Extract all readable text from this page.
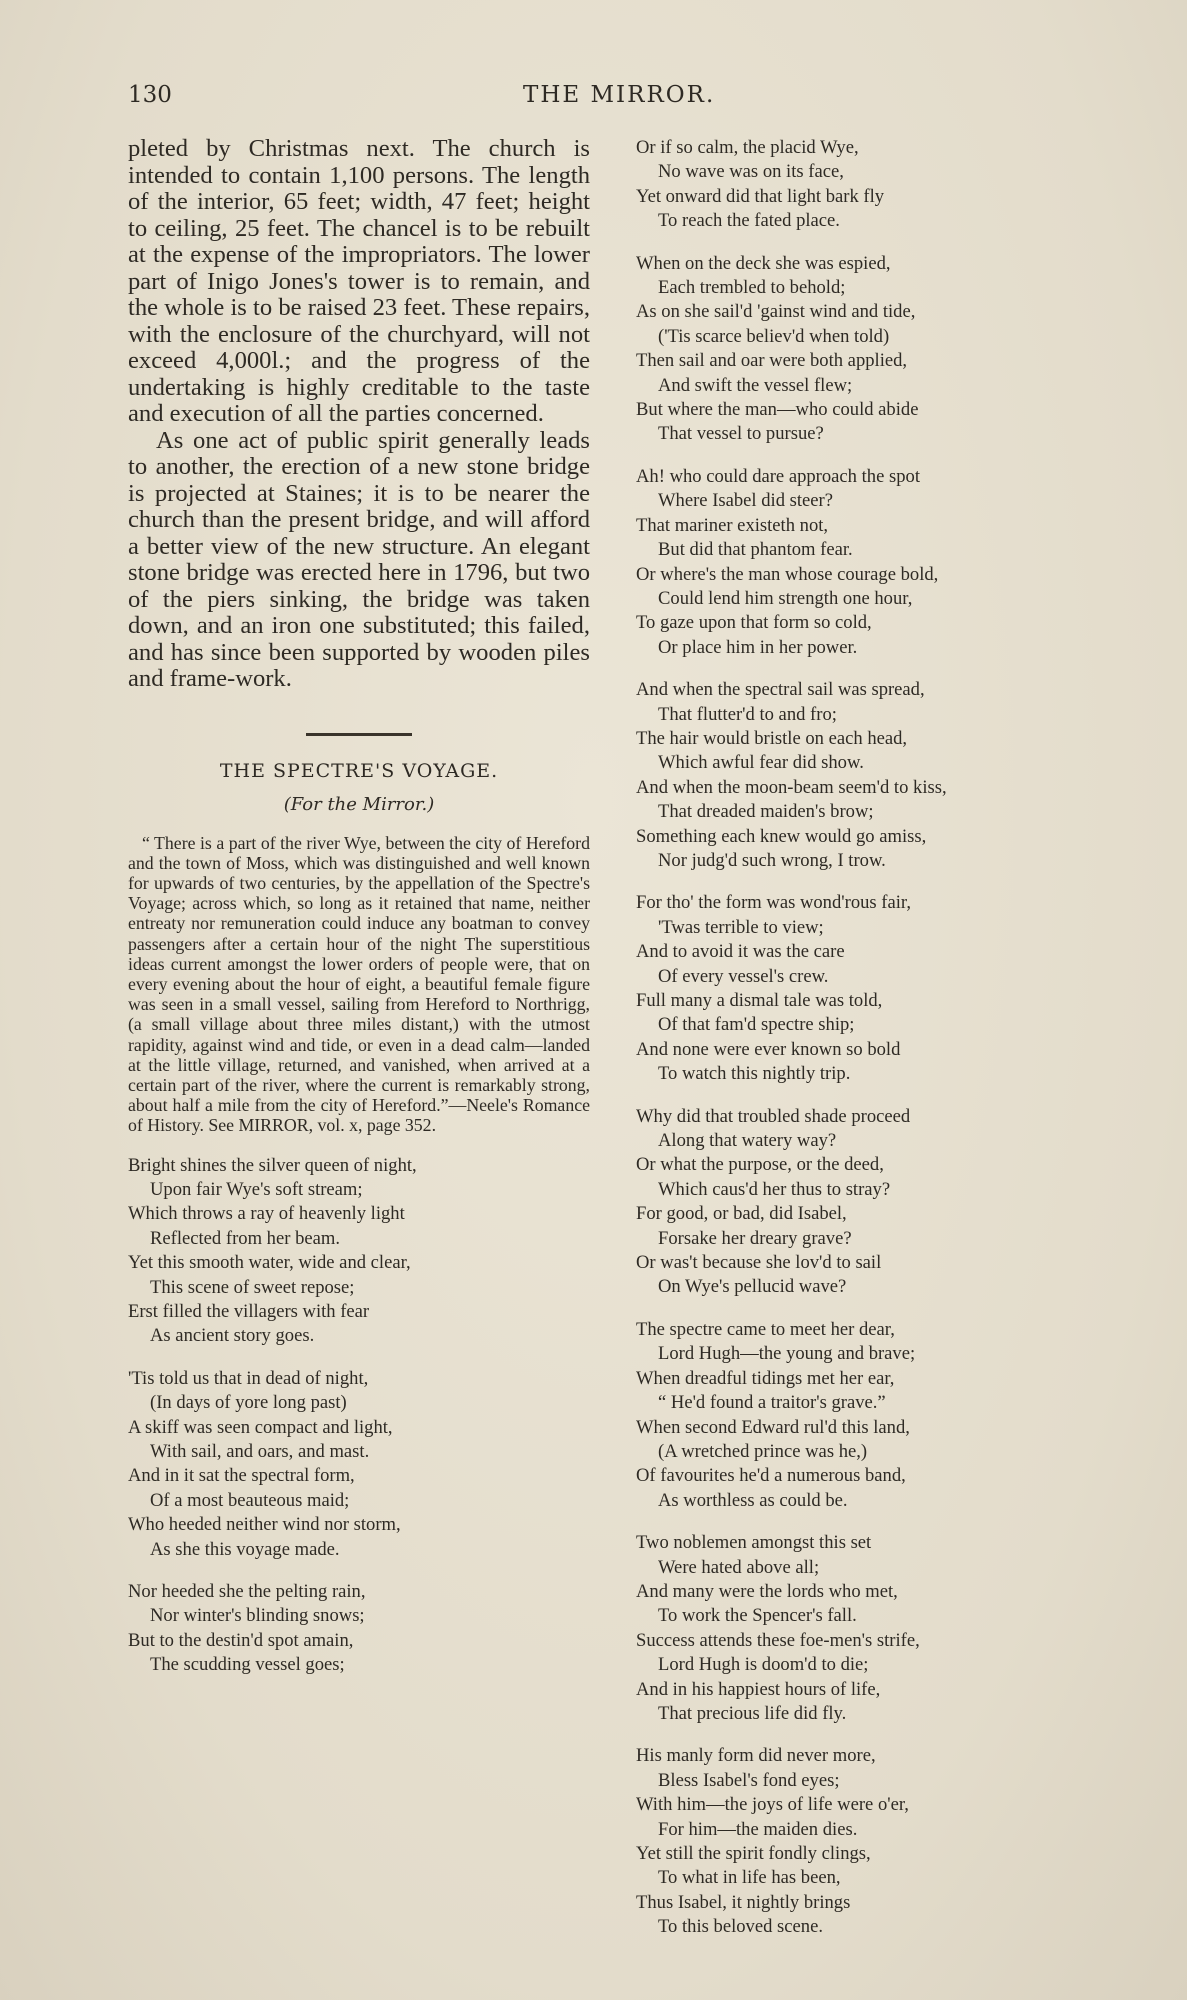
130	THE MIRROR.

pleted by Christmas next. The church is intended to contain 1,100 persons. The length of the interior, 65 feet; width, 47 feet; height to ceiling, 25 feet. The chancel is to be rebuilt at the expense of the impropriators. The lower part of Inigo Jones's tower is to remain, and the whole is to be raised 23 feet. These repairs, with the enclosure of the churchyard, will not exceed 4,000l.; and the progress of the undertaking is highly creditable to the taste and execution of all the parties concerned.

As one act of public spirit generally leads to another, the erection of a new stone bridge is projected at Staines; it is to be nearer the church than the present bridge, and will afford a better view of the new structure. An elegant stone bridge was erected here in 1796, but two of the piers sinking, the bridge was taken down, and an iron one substituted; this failed, and has since been supported by wooden piles and frame-work.

THE SPECTRE'S VOYAGE.
(For the Mirror.)

“ There is a part of the river Wye, between the city of Hereford and the town of Moss, which was distinguished and well known for upwards of two centuries, by the appellation of the Spectre's Voyage; across which, so long as it retained that name, neither entreaty nor remuneration could induce any boatman to convey passengers after a certain hour of the night The superstitious ideas current amongst the lower orders of people were, that on every evening about the hour of eight, a beautiful female figure was seen in a small vessel, sailing from Hereford to Northrigg, (a small village about three miles distant,) with the utmost rapidity, against wind and tide, or even in a dead calm—landed at the little village, returned, and vanished, when arrived at a certain part of the river, where the current is remarkably strong, about half a mile from the city of Hereford.”—Neele's Romance of History. See MIRROR, vol. x, page 352.

Bright shines the silver queen of night,
Upon fair Wye's soft stream;
Which throws a ray of heavenly light
Reflected from her beam.
Yet this smooth water, wide and clear,
This scene of sweet repose;
Erst filled the villagers with fear
As ancient story goes.
'Tis told us that in dead of night,
(In days of yore long past)
A skiff was seen compact and light,
With sail, and oars, and mast.
And in it sat the spectral form,
Of a most beauteous maid;
Who heeded neither wind nor storm,
As she this voyage made.
Nor heeded she the pelting rain,
Nor winter's blinding snows;
But to the destin'd spot amain,
The scudding vessel goes;
Or if so calm, the placid Wye,
No wave was on its face,
Yet onward did that light bark fly
To reach the fated place.
When on the deck she was espied,
Each trembled to behold;
As on she sail'd 'gainst wind and tide,
('Tis scarce believ'd when told)
Then sail and oar were both applied,
And swift the vessel flew;
But where the man—who could abide
That vessel to pursue?
Ah! who could dare approach the spot
Where Isabel did steer?
That mariner existeth not,
But did that phantom fear.
Or where's the man whose courage bold,
Could lend him strength one hour,
To gaze upon that form so cold,
Or place him in her power.
And when the spectral sail was spread,
That flutter'd to and fro;
The hair would bristle on each head,
Which awful fear did show.
And when the moon-beam seem'd to kiss,
That dreaded maiden's brow;
Something each knew would go amiss,
Nor judg'd such wrong, I trow.
For tho' the form was wond'rous fair,
'Twas terrible to view;
And to avoid it was the care
Of every vessel's crew.
Full many a dismal tale was told,
Of that fam'd spectre ship;
And none were ever known so bold
To watch this nightly trip.
Why did that troubled shade proceed
Along that watery way?
Or what the purpose, or the deed,
Which caus'd her thus to stray?
For good, or bad, did Isabel,
Forsake her dreary grave?
Or was't because she lov'd to sail
On Wye's pellucid wave?
The spectre came to meet her dear,
Lord Hugh—the young and brave;
When dreadful tidings met her ear,
“ He'd found a traitor's grave.”
When second Edward rul'd this land,
(A wretched prince was he,)
Of favourites he'd a numerous band,
As worthless as could be.
Two noblemen amongst this set
Were hated above all;
And many were the lords who met,
To work the Spencer's fall.
Success attends these foe-men's strife,
Lord Hugh is doom'd to die;
And in his happiest hours of life,
That precious life did fly.
His manly form did never more,
Bless Isabel's fond eyes;
With him—the joys of life were o'er,
For him—the maiden dies.
Yet still the spirit fondly clings,
To what in life has been,
Thus Isabel, it nightly brings
To this beloved scene.
